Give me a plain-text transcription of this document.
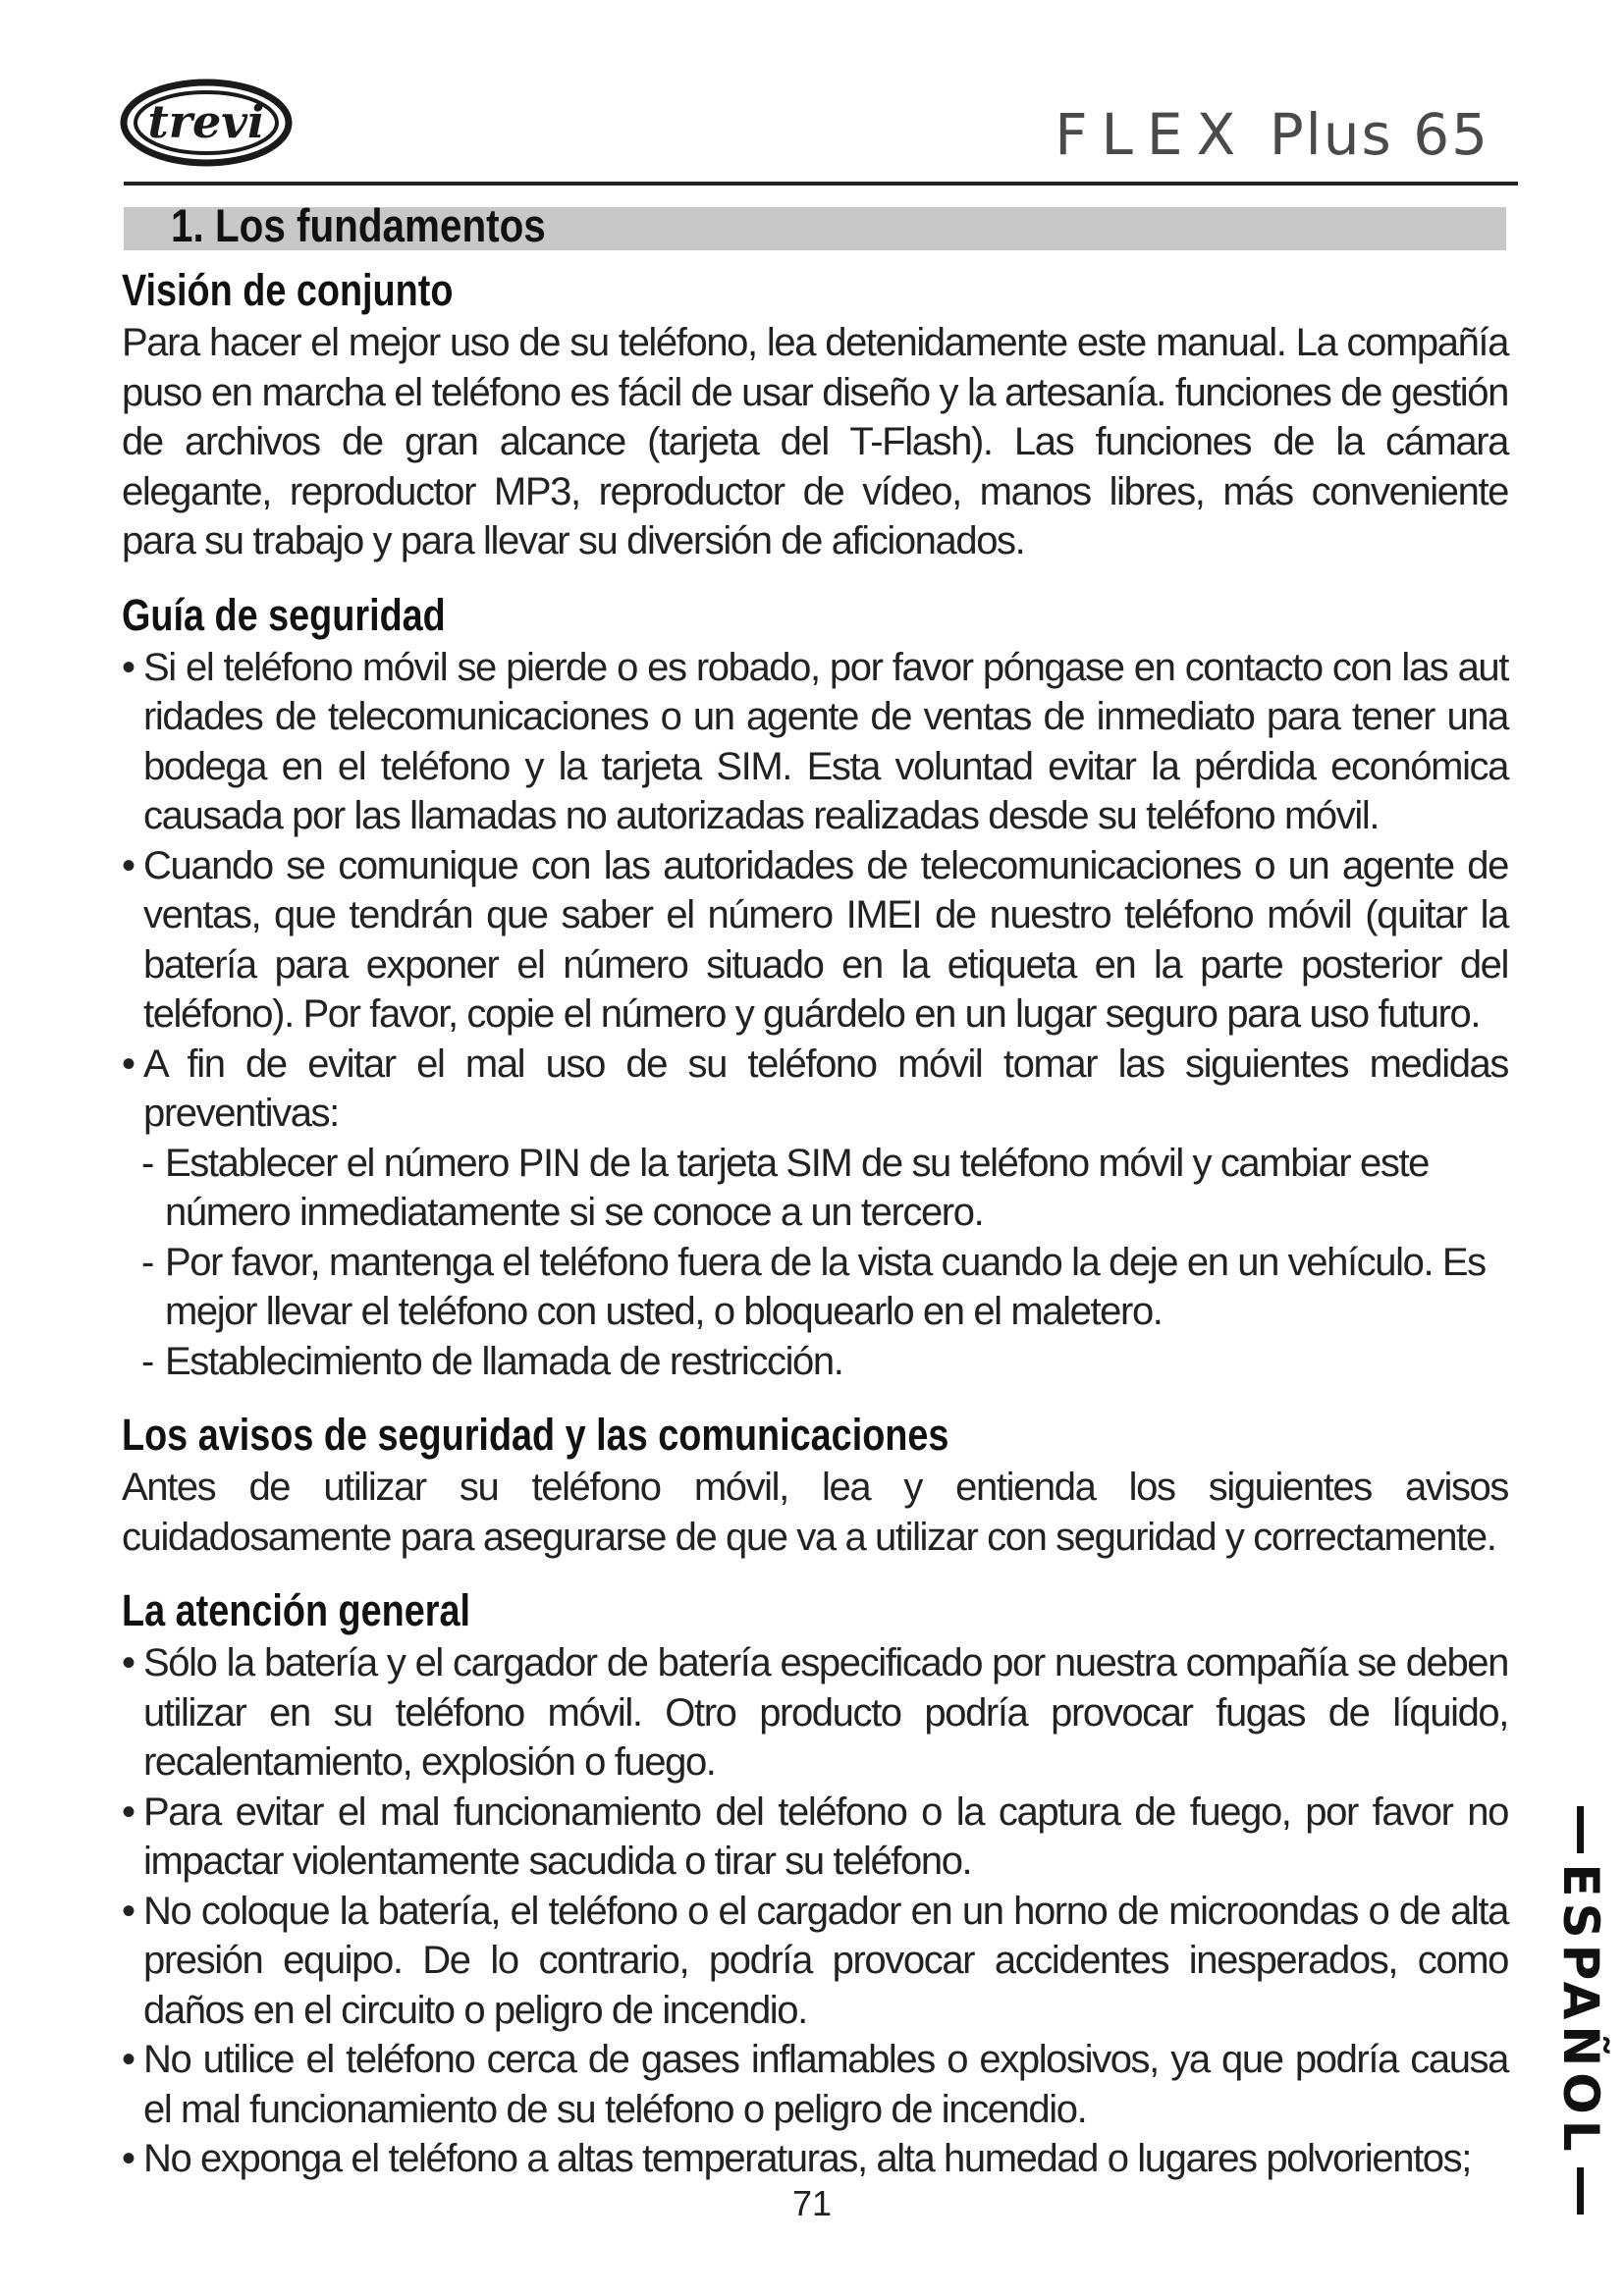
trevi	FLEX Plus 65
1. Los fundamentos
Visión de conjunto

Para hacer el mejor uso de su teléfono, lea detenidamente este manual. La compañía puso en marcha el teléfono es fácil de usar diseño y la artesanía. funciones de gestión de archivos de gran alcance (tarjeta del T-Flash). Las funciones de la cámara elegante, reproductor MP3, reproductor de vídeo, manos libres, más conveniente para su trabajo y para llevar su diversión de aficionados.

Guía de seguridad
• Si el teléfono móvil se pierde o es robado, por favor póngase en contacto con las aut ridades de telecomunicaciones o un agente de ventas de inmediato para tener una bodega en el teléfono y la tarjeta SIM. Esta voluntad evitar la pérdida económica causada por las llamadas no autorizadas realizadas desde su teléfono móvil.
• Cuando se comunique con las autoridades de telecomunicaciones o un agente de ventas, que tendrán que saber el número IMEI de nuestro teléfono móvil (quitar la batería para exponer el número situado en la etiqueta en la parte posterior del teléfono). Por favor, copie el número y guárdelo en un lugar seguro para uso futuro.
• A fin de evitar el mal uso de su teléfono móvil tomar las siguientes medidas preventivas:
- Establecer el número PIN de la tarjeta SIM de su teléfono móvil y cambiar este número inmediatamente si se conoce a un tercero.
- Por favor, mantenga el teléfono fuera de la vista cuando la deje en un vehículo. Es mejor llevar el teléfono con usted, o bloquearlo en el maletero.
- Establecimiento de llamada de restricción.
Los avisos de seguridad y las comunicaciones

Antes de utilizar su teléfono móvil, lea y entienda los siguientes avisos cuidadosamente para asegurarse de que va a utilizar con seguridad y correctamente.

La atención general
• Sólo la batería y el cargador de batería especificado por nuestra compañía se deben utilizar en su teléfono móvil. Otro producto podría provocar fugas de líquido, recalentamiento, explosión o fuego.
• Para evitar el mal funcionamiento del teléfono o la captura de fuego, por favor no impactar violentamente sacudida o tirar su teléfono.
• No coloque la batería, el teléfono o el cargador en un horno de microondas o de alta presión equipo. De lo contrario, podría provocar accidentes inesperados, como daños en el circuito o peligro de incendio.
• No utilice el teléfono cerca de gases inflamables o explosivos, ya que podría causa el mal funcionamiento de su teléfono o peligro de incendio.
• No exponga el teléfono a altas temperaturas, alta humedad o lugares polvorientos;
71
ESPAÑOL
